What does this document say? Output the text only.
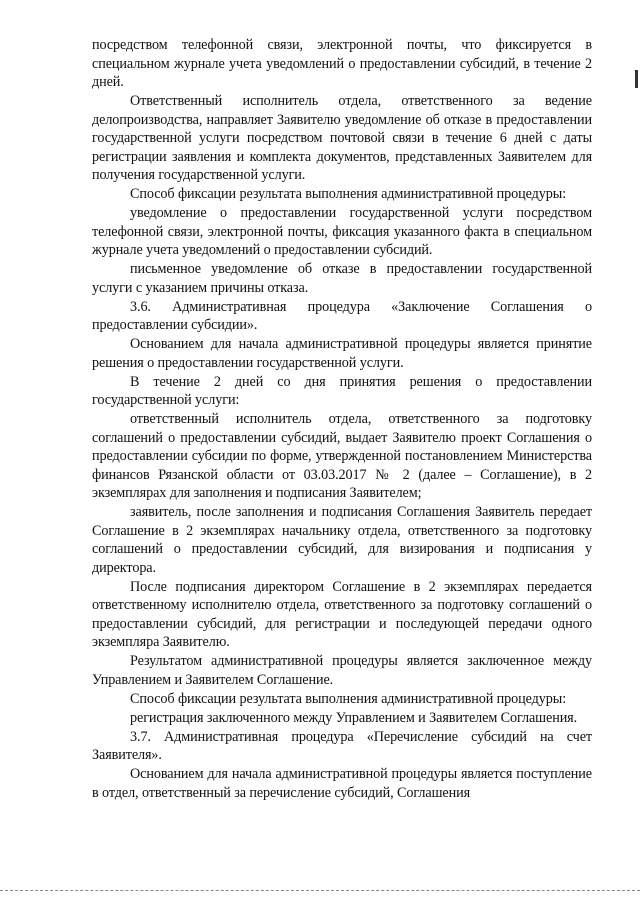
посредством телефонной связи, электронной почты, что фиксируется в специальном журнале учета уведомлений о предоставлении субсидий, в течение 2 дней.

Ответственный исполнитель отдела, ответственного за ведение делопроизводства, направляет Заявителю уведомление об отказе в предоставлении государственной услуги посредством почтовой связи в течение 6 дней с даты регистрации заявления и комплекта документов, представленных Заявителем для получения государственной услуги.

Способ фиксации результата выполнения административной процедуры:

уведомление о предоставлении государственной услуги посредством телефонной связи, электронной почты, фиксация указанного факта в специальном журнале учета уведомлений о предоставлении субсидий.

письменное уведомление об отказе в предоставлении государственной услуги с указанием причины отказа.

3.6. Административная процедура «Заключение Соглашения о предоставлении субсидии».

Основанием для начала административной процедуры является принятие решения о предоставлении государственной услуги.

В течение 2 дней со дня принятия решения о предоставлении государственной услуги:

ответственный исполнитель отдела, ответственного за подготовку соглашений о предоставлении субсидий, выдает Заявителю проект Соглашения о предоставлении субсидии по форме, утвержденной постановлением Министерства финансов Рязанской области от 03.03.2017 № 2 (далее – Соглашение), в 2 экземплярах для заполнения и подписания Заявителем;

заявитель, после заполнения и подписания Соглашения Заявитель передает Соглашение в 2 экземплярах начальнику отдела, ответственного за подготовку соглашений о предоставлении субсидий, для визирования и подписания у директора.

После подписания директором Соглашение в 2 экземплярах передается ответственному исполнителю отдела, ответственного за подготовку соглашений о предоставлении субсидий, для регистрации и последующей передачи одного экземпляра Заявителю.

Результатом административной процедуры является заключенное между Управлением и Заявителем Соглашение.

Способ фиксации результата выполнения административной процедуры:

регистрация заключенного между Управлением и Заявителем Соглашения.

3.7. Административная процедура «Перечисление субсидий на счет Заявителя».

Основанием для начала административной процедуры является поступление в отдел, ответственный за перечисление субсидий, Соглашения
